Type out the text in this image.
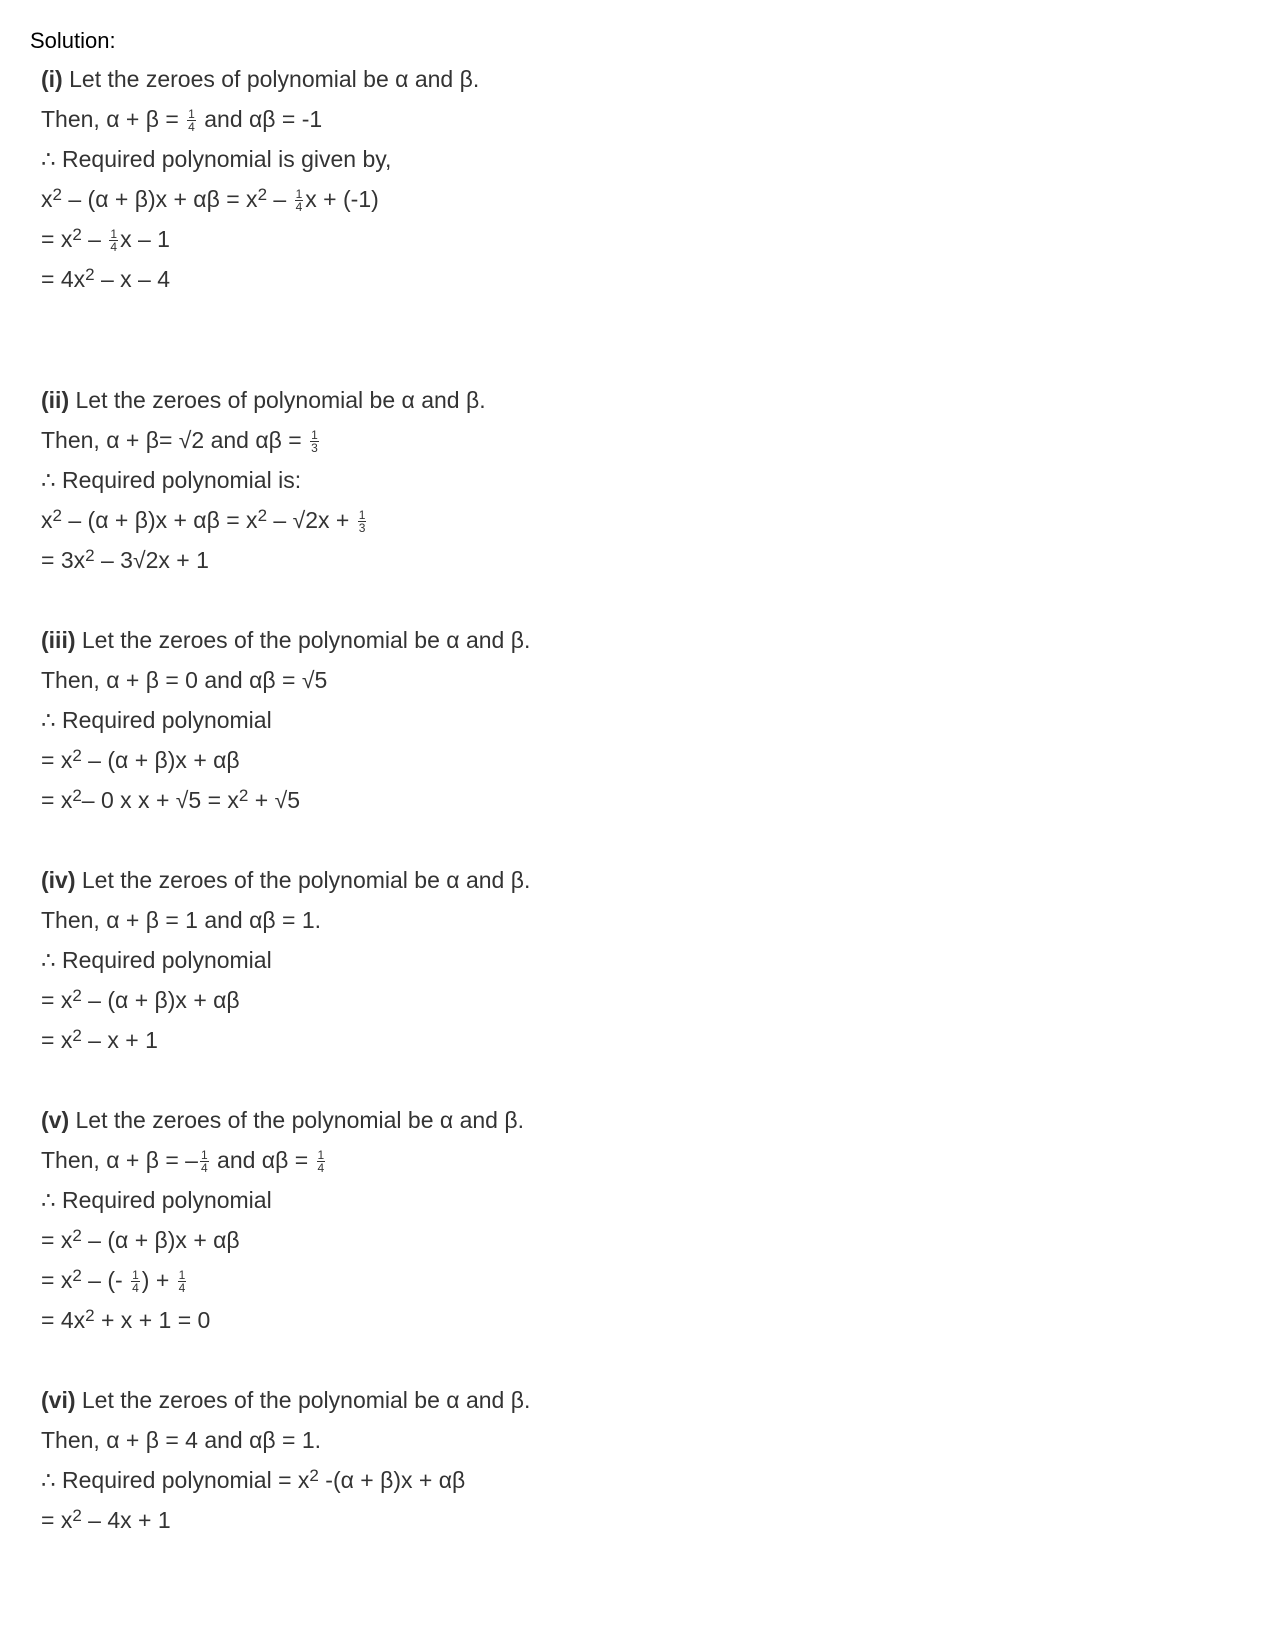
Solution:
(i) Let the zeroes of polynomial be α and β.
Then, $\alpha + \beta = \frac{1}{4}$ and αβ = -1
∴ Required polynomial is given by,
$x^2 - (\alpha + \beta)x + \alpha\beta = x^2 - \frac{1}{4}$ x + (-1)
= $x^2 - \frac{1}{4}$ x – 1
= $4x^2$ – x – 4
(ii) Let the zeroes of polynomial be α and β.
Then, α + β= √2 and $\alpha\beta = \frac{1}{3}$
∴ Required polynomial is:
$x^2 - (\alpha + \beta)x + \alpha\beta = x^2 - √2x + \frac{1}{3}$
= $3x^2 - 3√2x + 1$
(iii) Let the zeroes of the polynomial be α and β.
Then, α + β = 0 and αβ = √5
∴ Required polynomial
= $x^2 - (\alpha + \beta)x + \alpha\beta$
= $x^2-$ 0 x $x + √5 = x^2 + √5$
(iv) Let the zeroes of the polynomial be α and β.
Then, α + β = 1 and αβ = 1.
∴ Required polynomial
= $x^2 - (\alpha + \beta)x + \alpha\beta$
= $x^2 - x + 1$
(v) Let the zeroes of the polynomial be α and β.
Then, α + β = – $\frac{1}{4}$ and $\alpha\beta = \frac{1}{4}$
∴ Required polynomial
= $x^2 - (\alpha + \beta)x + \alpha\beta$
= $x^2$ – (- $\frac{1}{4}$ ) + $\frac{1}{4}$
= $4x^2 + x + 1 = 0$
(vi) Let the zeroes of the polynomial be α and β.
Then, α + β = 4 and αβ = 1.
∴ Required polynomial = $x^2$ -(α + β)x + αβ
= $x^2 - 4x + 1$
